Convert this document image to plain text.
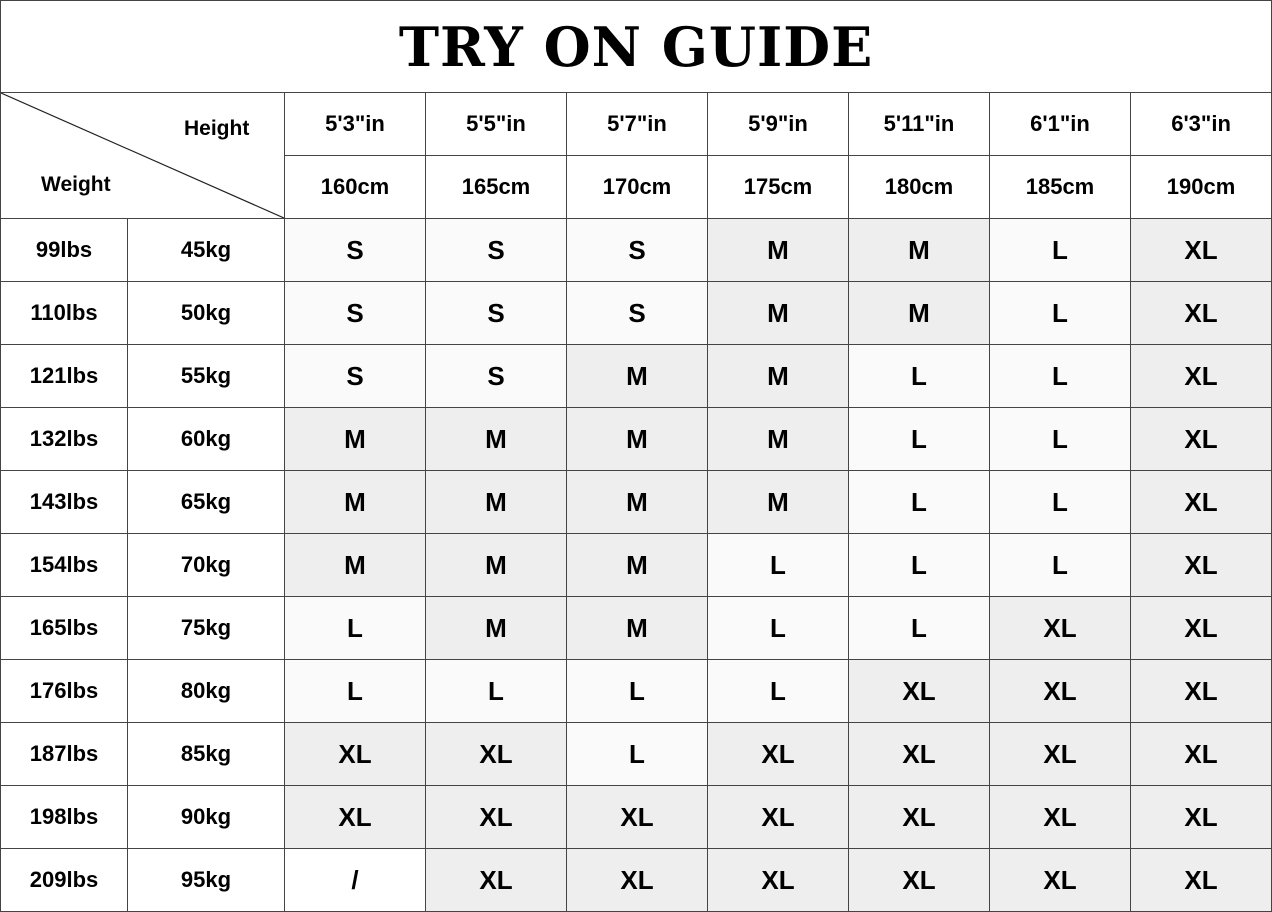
TRY ON GUIDE								

Height
Weight		5'3"in	5'5"in	5'7"in	5'9"in	5'11"in	6'1"in	6'3"in
		160cm	165cm	170cm	175cm	180cm	185cm	190cm
99lbs	45kg	S	S	S	M	M	L	XL
110lbs	50kg	S	S	S	M	M	L	XL
121lbs	55kg	S	S	M	M	L	L	XL
132lbs	60kg	M	M	M	M	L	L	XL
143lbs	65kg	M	M	M	M	L	L	XL
154lbs	70kg	M	M	M	L	L	L	XL
165lbs	75kg	L	M	M	L	L	XL	XL
176lbs	80kg	L	L	L	L	XL	XL	XL
187lbs	85kg	XL	XL	L	XL	XL	XL	XL
198lbs	90kg	XL	XL	XL	XL	XL	XL	XL
209lbs	95kg	/	XL	XL	XL	XL	XL	XL
